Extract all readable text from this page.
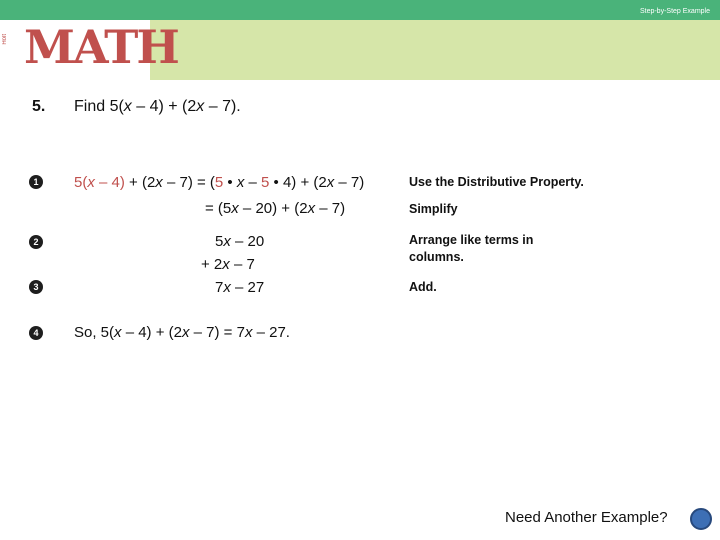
Step-by-Step Example
Holt MATH
5. Find 5(x – 4) + (2x – 7).
1	5(x – 4) + (2x – 7) = (5 • x – 5 • 4) + (2x – 7)	Use the Distributive Property.
= (5x – 20) + (2x – 7)	Simplify
2	5x – 20
+ 2x – 7
Arrange like terms in columns.
3	7x – 27	Add.
4	So, 5(x – 4) + (2x – 7) = 7x – 27.
Need Another Example?
